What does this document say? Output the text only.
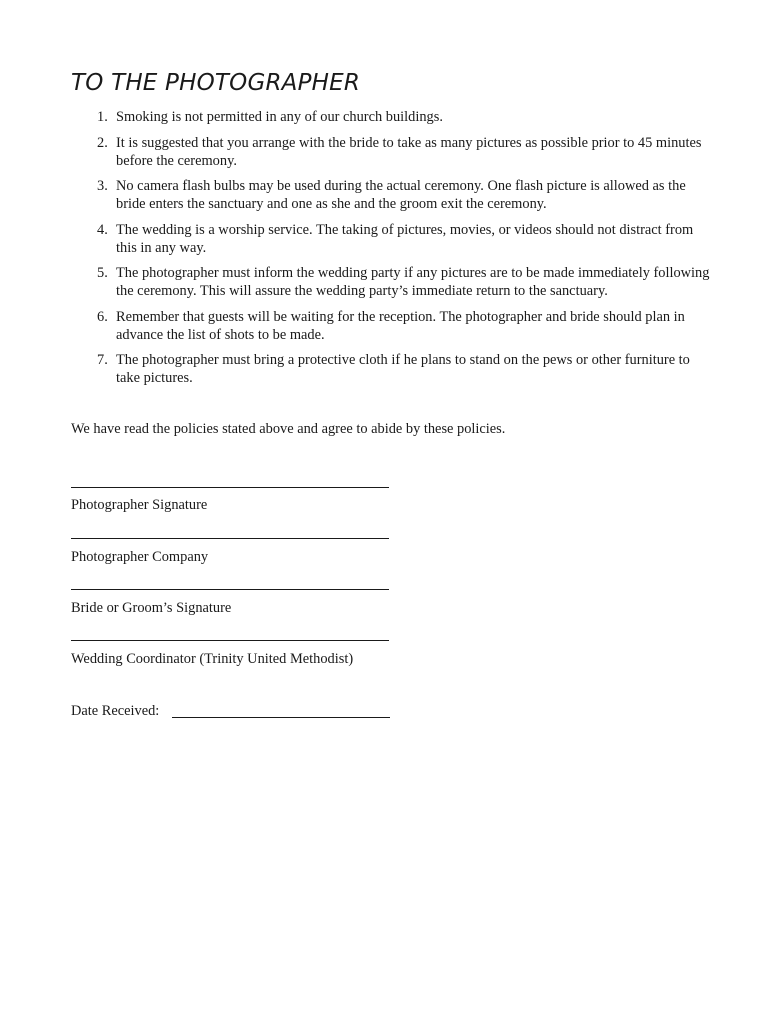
TO THE PHOTOGRAPHER
1. Smoking is not permitted in any of our church buildings.
2. It is suggested that you arrange with the bride to take as many pictures as possible prior to 45 minutes before the ceremony.
3. No camera flash bulbs may be used during the actual ceremony. One flash picture is allowed as the bride enters the sanctuary and one as she and the groom exit the ceremony.
4. The wedding is a worship service. The taking of pictures, movies, or videos should not distract from this in any way.
5. The photographer must inform the wedding party if any pictures are to be made immediately following the ceremony. This will assure the wedding party’s immediate return to the sanctuary.
6. Remember that guests will be waiting for the reception. The photographer and bride should plan in advance the list of shots to be made.
7. The photographer must bring a protective cloth if he plans to stand on the pews or other furniture to take pictures.

We have read the policies stated above and agree to abide by these policies.

Photographer Signature

Photographer Company

Bride or Groom’s Signature

Wedding Coordinator (Trinity United Methodist)

Date Received:
